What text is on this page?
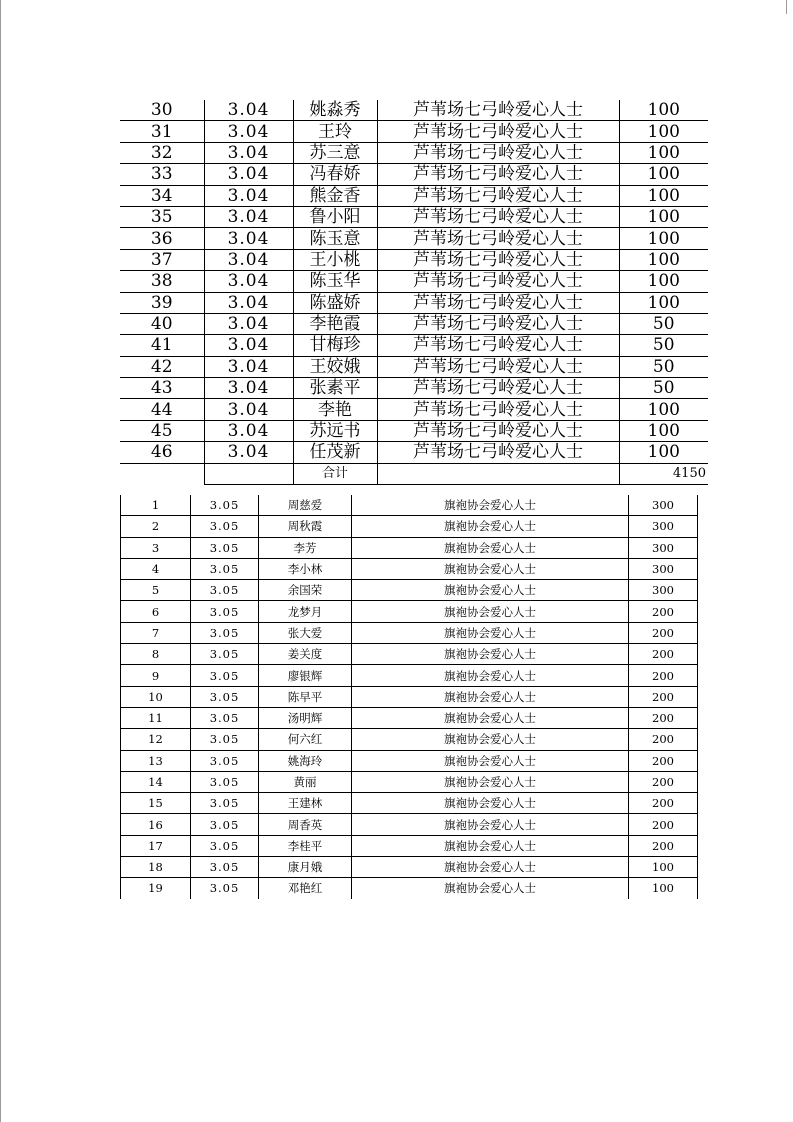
30	3.04	姚淼秀	芦苇场七弓岭爱心人士	100
31	3.04	王玲	芦苇场七弓岭爱心人士	100
32	3.04	苏三意	芦苇场七弓岭爱心人士	100
33	3.04	冯春娇	芦苇场七弓岭爱心人士	100
34	3.04	熊金香	芦苇场七弓岭爱心人士	100
35	3.04	鲁小阳	芦苇场七弓岭爱心人士	100
36	3.04	陈玉意	芦苇场七弓岭爱心人士	100
37	3.04	王小桃	芦苇场七弓岭爱心人士	100
38	3.04	陈玉华	芦苇场七弓岭爱心人士	100
39	3.04	陈盛娇	芦苇场七弓岭爱心人士	100
40	3.04	李艳霞	芦苇场七弓岭爱心人士	50
41	3.04	甘梅珍	芦苇场七弓岭爱心人士	50
42	3.04	王姣娥	芦苇场七弓岭爱心人士	50
43	3.04	张素平	芦苇场七弓岭爱心人士	50
44	3.04	李艳	芦苇场七弓岭爱心人士	100
45	3.04	苏远书	芦苇场七弓岭爱心人士	100
46	3.04	任茂新	芦苇场七弓岭爱心人士	100
		合计		4150
1	3.05	周慈爱	旗袍协会爱心人士	300
2	3.05	周秋霞	旗袍协会爱心人士	300
3	3.05	李芳	旗袍协会爱心人士	300
4	3.05	李小林	旗袍协会爱心人士	300
5	3.05	余国荣	旗袍协会爱心人士	300
6	3.05	龙梦月	旗袍协会爱心人士	200
7	3.05	张大爱	旗袍协会爱心人士	200
8	3.05	姜关度	旗袍协会爱心人士	200
9	3.05	廖银辉	旗袍协会爱心人士	200
10	3.05	陈早平	旗袍协会爱心人士	200
11	3.05	汤明辉	旗袍协会爱心人士	200
12	3.05	何六红	旗袍协会爱心人士	200
13	3.05	姚海玲	旗袍协会爱心人士	200
14	3.05	黄丽	旗袍协会爱心人士	200
15	3.05	王建林	旗袍协会爱心人士	200
16	3.05	周香英	旗袍协会爱心人士	200
17	3.05	李桂平	旗袍协会爱心人士	200
18	3.05	康月娥	旗袍协会爱心人士	100
19	3.05	邓艳红	旗袍协会爱心人士	100
